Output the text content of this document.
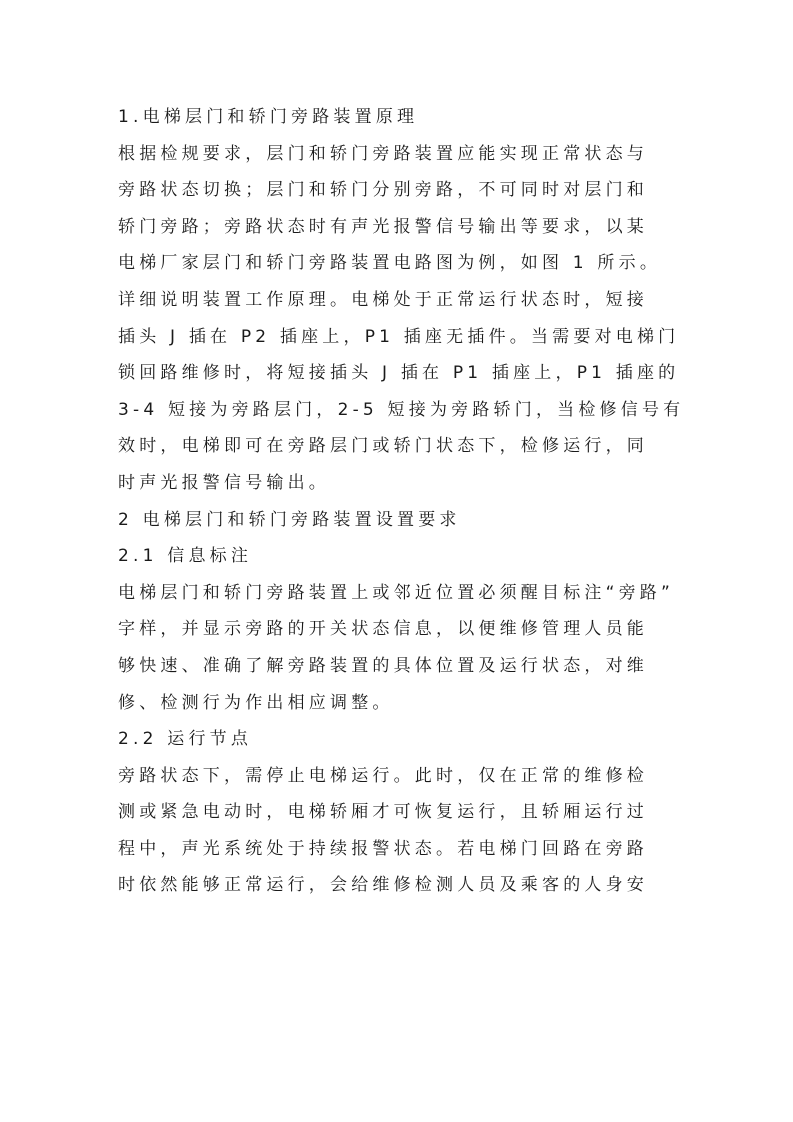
1.电梯层门和轿门旁路装置原理
根据检规要求，层门和轿门旁路装置应能实现正常状态与
旁路状态切换；层门和轿门分别旁路，不可同时对层门和
轿门旁路；旁路状态时有声光报警信号输出等要求，以某
电梯厂家层门和轿门旁路装置电路图为例，如图 1 所示。
详细说明装置工作原理。电梯处于正常运行状态时，短接
插头 J 插在 P2 插座上，P1 插座无插件。当需要对电梯门
锁回路维修时，将短接插头 J 插在 P1 插座上，P1 插座的
3-4 短接为旁路层门，2-5 短接为旁路轿门，当检修信号有
效时，电梯即可在旁路层门或轿门状态下，检修运行，同
时声光报警信号输出。
2 电梯层门和轿门旁路装置设置要求
2.1 信息标注
电梯层门和轿门旁路装置上或邻近位置必须醒目标注“旁路”
字样，并显示旁路的开关状态信息，以便维修管理人员能
够快速、准确了解旁路装置的具体位置及运行状态，对维
修、检测行为作出相应调整。
2.2 运行节点
旁路状态下，需停止电梯运行。此时，仅在正常的维修检
测或紧急电动时，电梯轿厢才可恢复运行，且轿厢运行过
程中，声光系统处于持续报警状态。若电梯门回路在旁路
时依然能够正常运行，会给维修检测人员及乘客的人身安
